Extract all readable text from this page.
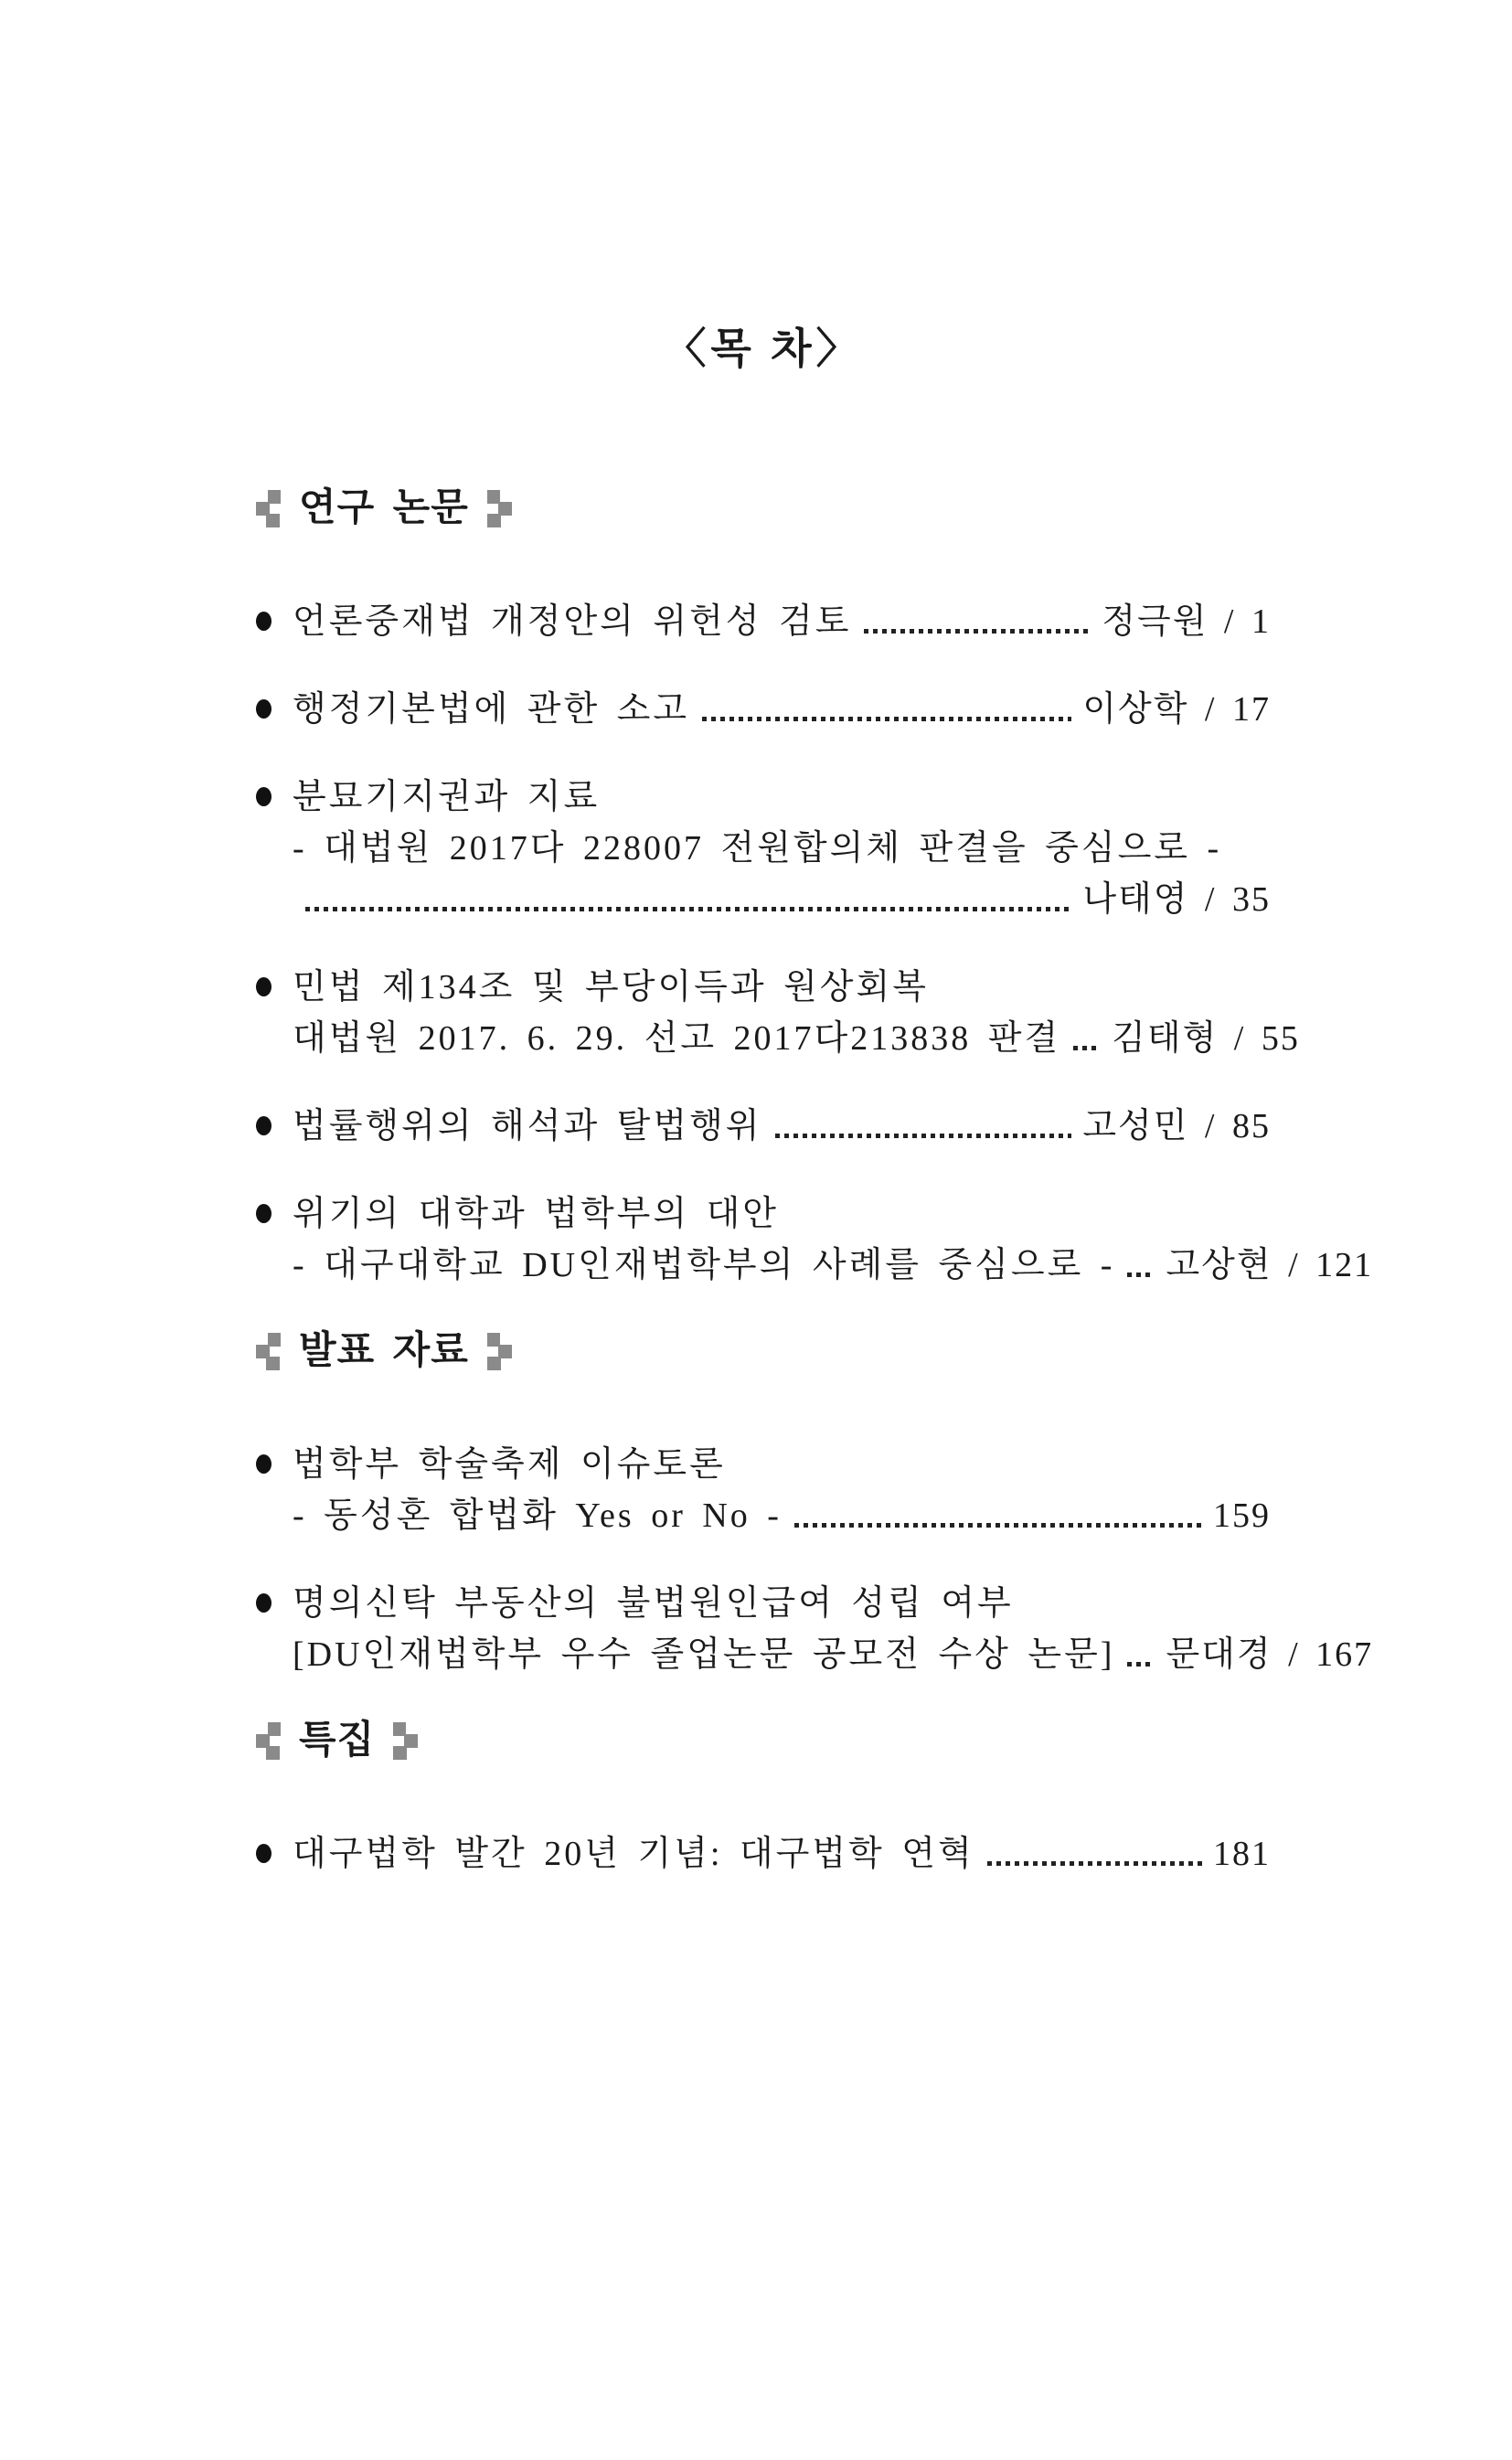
〈목 차〉
연구 논문
언론중재법 개정안의 위헌성 검토	정극원 / 1
행정기본법에 관한 소고	이상학 / 17
분묘기지권과 지료
- 대법원 2017다 228007 전원합의체 판결을 중심으로 -
나태영 / 35
민법 제134조 및 부당이득과 원상회복
대법원 2017. 6. 29. 선고 2017다213838 판결 김태형 / 55
법률행위의 해석과 탈법행위	고성민 / 85
위기의 대학과 법학부의 대안
- 대구대학교 DU인재법학부의 사례를 중심으로 - 고상현 / 121
발표 자료
법학부 학술축제 이슈토론
- 동성혼 합법화 Yes or No -	159
명의신탁 부동산의 불법원인급여 성립 여부
[DU인재법학부 우수 졸업논문 공모전 수상 논문] 문대경 / 167
특집
대구법학 발간 20년 기념: 대구법학 연혁	181
